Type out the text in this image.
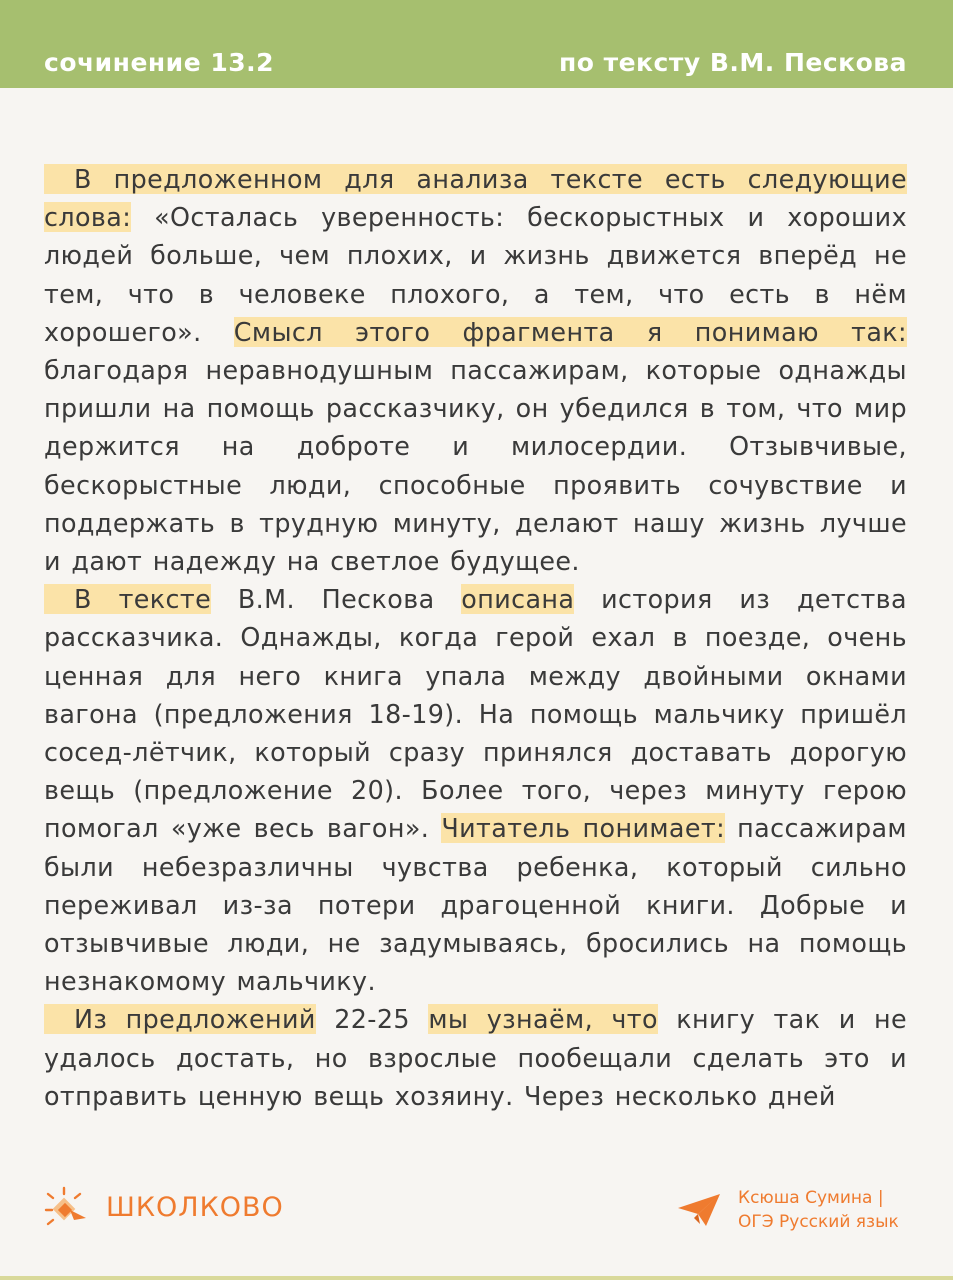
сочинение 13.2	по тексту В.М. Пескова

В предложенном для анализа тексте есть следующие слова: «Осталась уверенность: бескорыстных и хороших людей больше, чем плохих, и жизнь движется вперёд не тем, что в человеке плохого, а тем, что есть в нём хорошего». Смысл этого фрагмента я понимаю так: благодаря неравнодушным пассажирам, которые однажды пришли на помощь рассказчику, он убедился в том, что мир держится на доброте и милосердии. Отзывчивые, бескорыстные люди, способные проявить сочувствие и поддержать в трудную минуту, делают нашу жизнь лучше и дают надежду на светлое будущее.

В тексте В.М. Пескова описана история из детства рассказчика. Однажды, когда герой ехал в поезде, очень ценная для него книга упала между двойными окнами вагона (предложения 18-19). На помощь мальчику пришёл сосед-лётчик, который сразу принялся доставать дорогую вещь (предложение 20). Более того, через минуту герою помогал «уже весь вагон». Читатель понимает: пассажирам были небезразличны чувства ребенка, который сильно переживал из-за потери драгоценной книги. Добрые и отзывчивые люди, не задумываясь, бросились на помощь незнакомому мальчику.

Из предложений 22-25 мы узнаём, что книгу так и не удалось достать, но взрослые пообещали сделать это и отправить ценную вещь хозяину. Через несколько дней

ШКОЛКОВО	Ксюша Сумина |
ОГЭ Русский язык
